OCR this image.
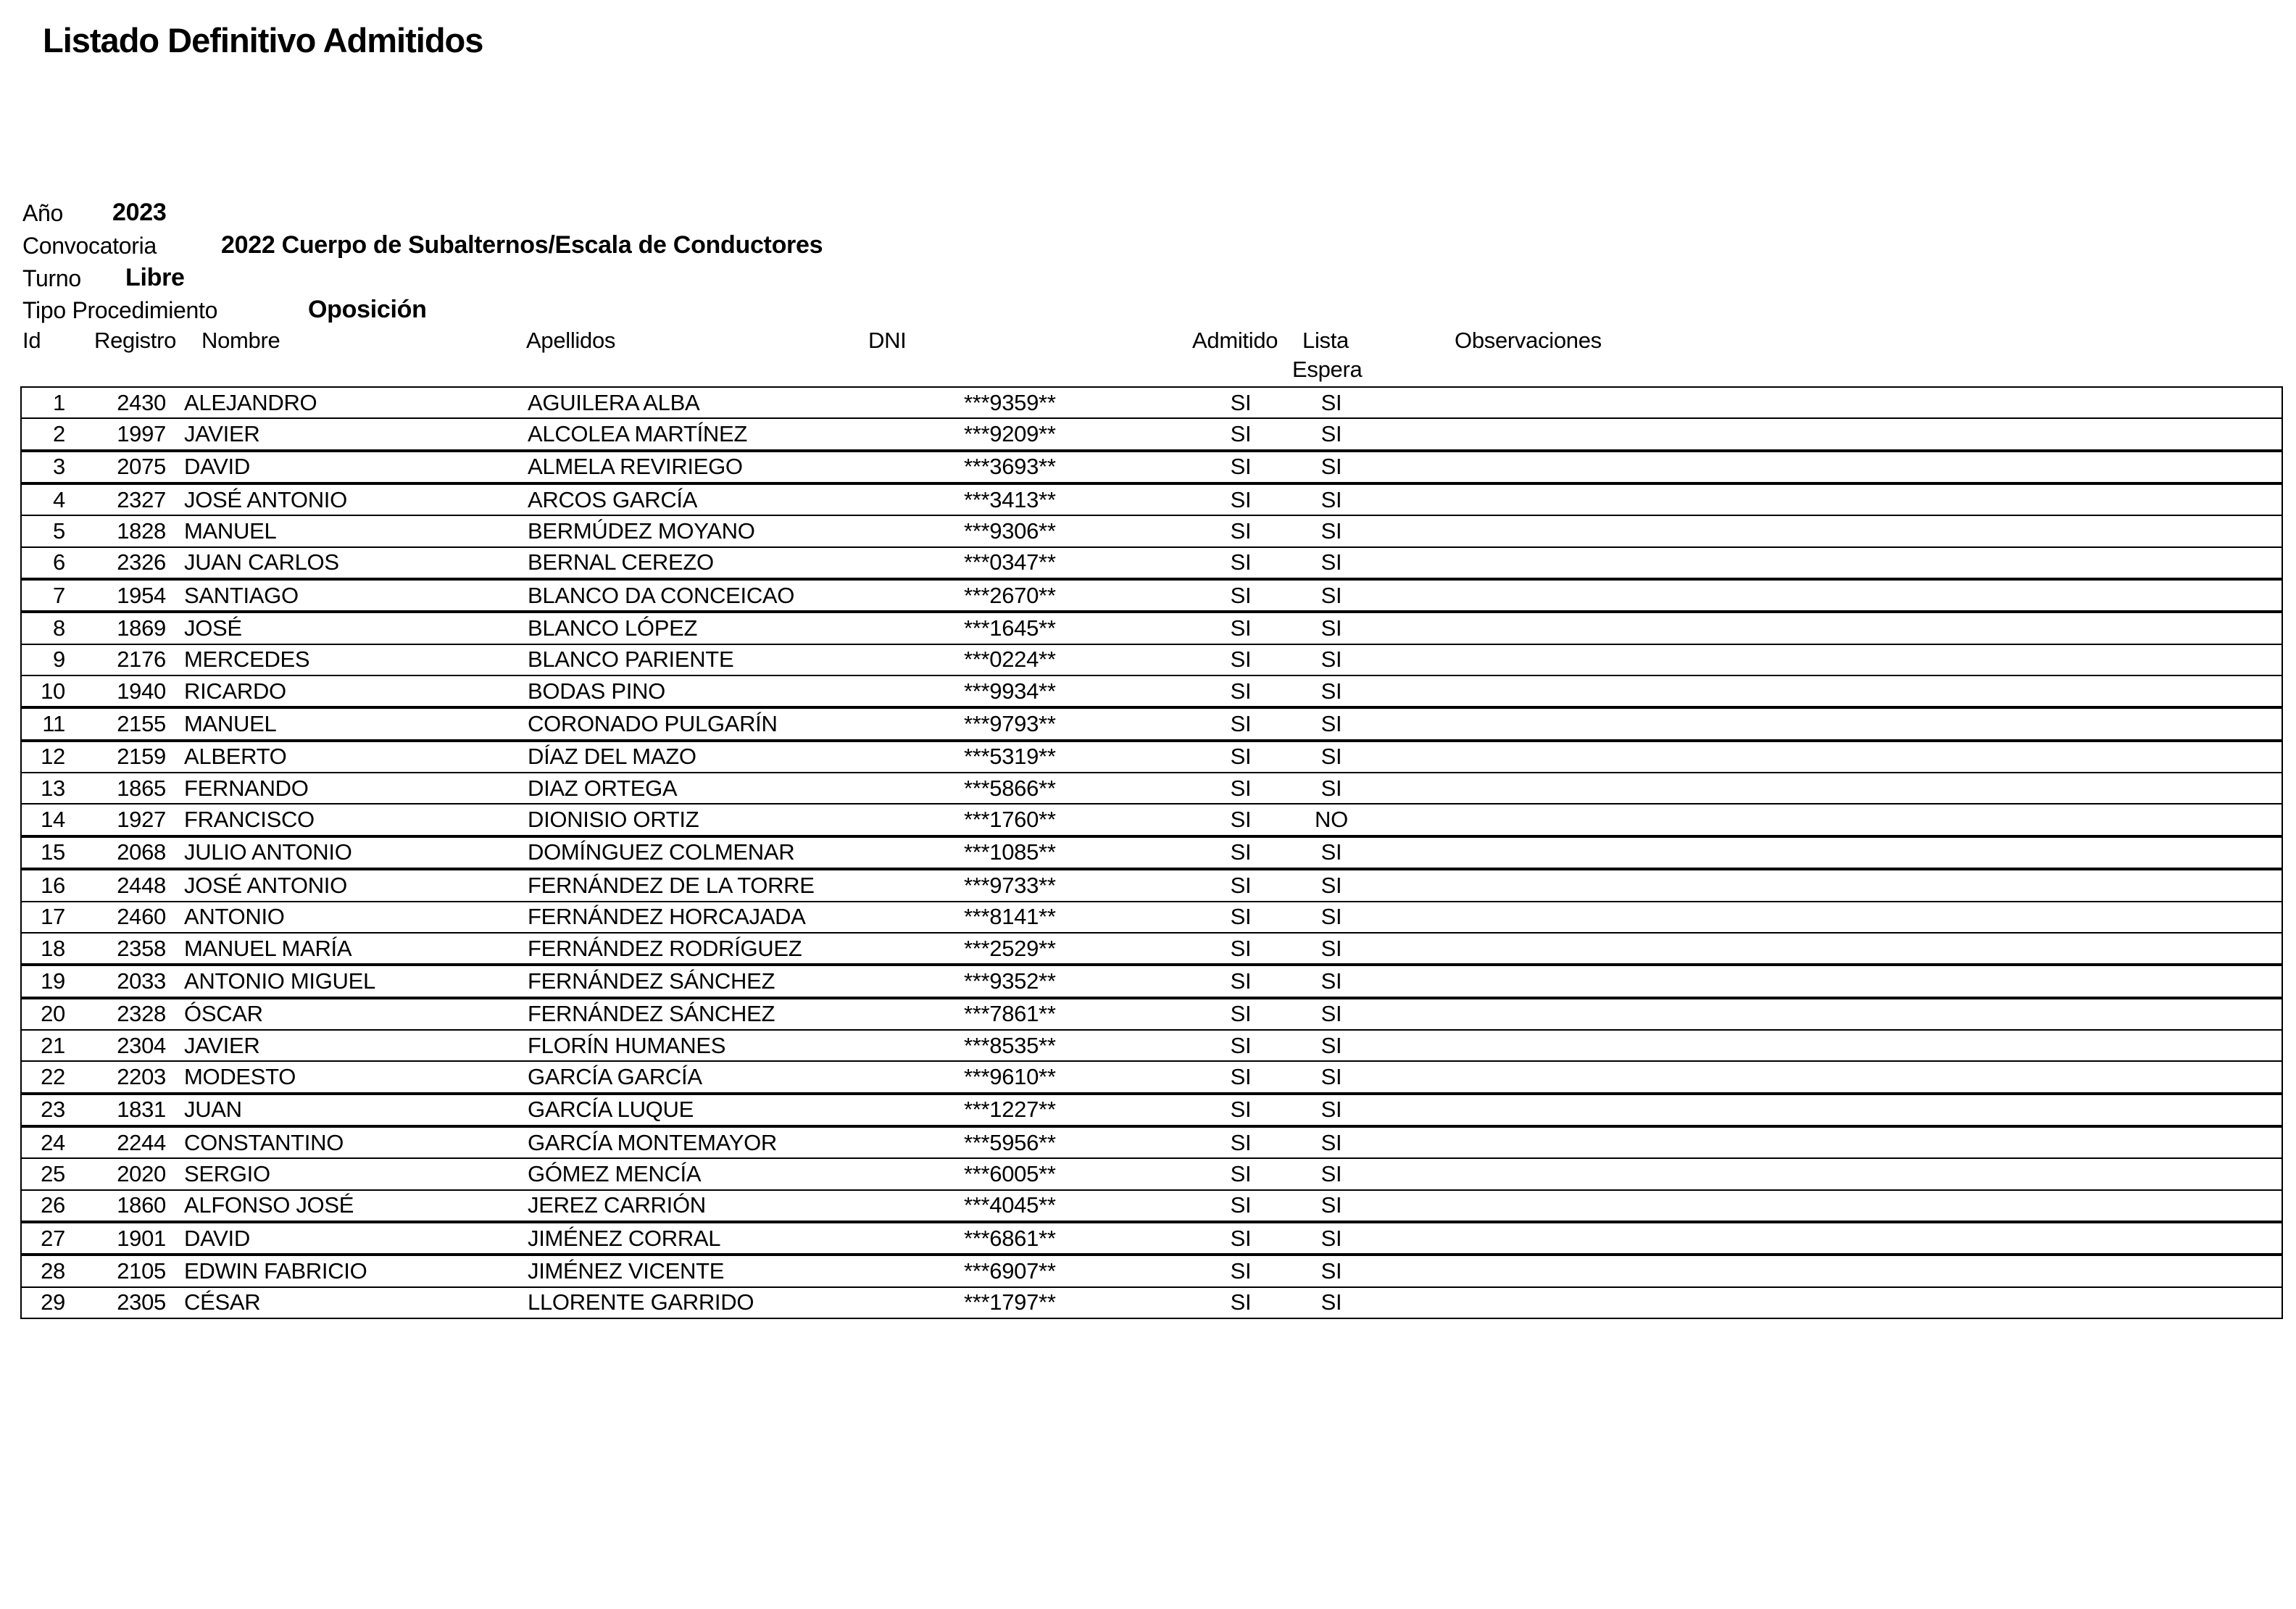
Listado Definitivo Admitidos
Año 2023
Convocatoria	2022 Cuerpo de Subalternos/Escala de Conductores
Turno Libre
Tipo Procedimiento	Oposición
Id Registro Nombre	Apellidos	DNI	Admitido Lista
Espera
Observaciones
1	2430 ALEJANDRO	AGUILERA ALBA	***9359**	SI	SI
2	1997 JAVIER	ALCOLEA MARTÍNEZ	***9209**	SI	SI
3	2075 DAVID	ALMELA REVIRIEGO	***3693**	SI	SI
4	2327 JOSÉ ANTONIO	ARCOS GARCÍA	***3413**	SI	SI
5	1828 MANUEL	BERMÚDEZ MOYANO	***9306**	SI	SI
6	2326 JUAN CARLOS	BERNAL CEREZO	***0347**	SI	SI
7	1954 SANTIAGO	BLANCO DA CONCEICAO	***2670**	SI	SI
8	1869 JOSÉ	BLANCO LÓPEZ	***1645**	SI	SI
9	2176 MERCEDES	BLANCO PARIENTE	***0224**	SI	SI
10	1940 RICARDO	BODAS PINO	***9934**	SI	SI
11	2155 MANUEL	CORONADO PULGARÍN	***9793**	SI	SI
12	2159 ALBERTO	DÍAZ DEL MAZO	***5319**	SI	SI
13	1865 FERNANDO	DIAZ ORTEGA	***5866**	SI	SI
14	1927 FRANCISCO	DIONISIO ORTIZ	***1760**	SI	NO
15	2068 JULIO ANTONIO	DOMÍNGUEZ COLMENAR	***1085**	SI	SI
16	2448 JOSÉ ANTONIO	FERNÁNDEZ DE LA TORRE	***9733**	SI	SI
17	2460 ANTONIO	FERNÁNDEZ HORCAJADA	***8141**	SI	SI
18	2358 MANUEL MARÍA	FERNÁNDEZ RODRÍGUEZ	***2529**	SI	SI
19	2033 ANTONIO MIGUEL	FERNÁNDEZ SÁNCHEZ	***9352**	SI	SI
20	2328 ÓSCAR	FERNÁNDEZ SÁNCHEZ	***7861**	SI	SI
21	2304 JAVIER	FLORÍN HUMANES	***8535**	SI	SI
22	2203 MODESTO	GARCÍA GARCÍA	***9610**	SI	SI
23	1831 JUAN	GARCÍA LUQUE	***1227**	SI	SI
24	2244 CONSTANTINO	GARCÍA MONTEMAYOR	***5956**	SI	SI
25	2020 SERGIO	GÓMEZ MENCÍA	***6005**	SI	SI
26	1860 ALFONSO JOSÉ	JEREZ CARRIÓN	***4045**	SI	SI
27	1901 DAVID	JIMÉNEZ CORRAL	***6861**	SI	SI
28	2105 EDWIN FABRICIO	JIMÉNEZ VICENTE	***6907**	SI	SI
29	2305 CÉSAR	LLORENTE GARRIDO	***1797**	SI	SI
